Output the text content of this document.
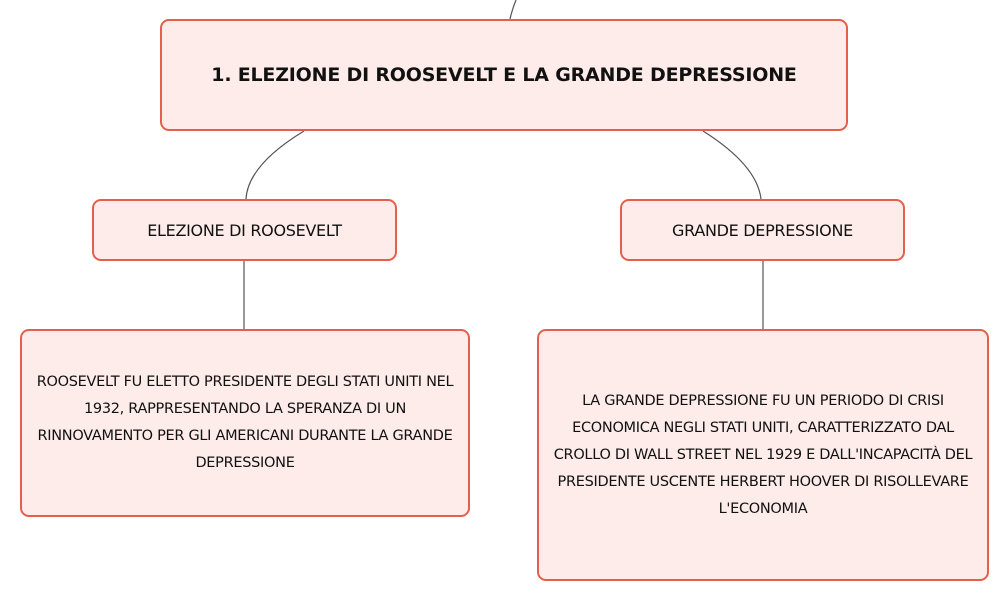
1. ELEZIONE DI ROOSEVELT E LA GRANDE DEPRESSIONE
ELEZIONE DI ROOSEVELT	GRANDE DEPRESSIONE
ROOSEVELT FU ELETTO PRESIDENTE DEGLI STATI UNITI NEL 1932, RAPPRESENTANDO LA SPERANZA DI UN RINNOVAMENTO PER GLI AMERICANI DURANTE LA GRANDE DEPRESSIONE
LA GRANDE DEPRESSIONE FU UN PERIODO DI CRISI ECONOMICA NEGLI STATI UNITI, CARATTERIZZATO DAL CROLLO DI WALL STREET NEL 1929 E DALL'INCAPACITÀ DEL PRESIDENTE USCENTE HERBERT HOOVER DI RISOLLEVARE L'ECONOMIA
